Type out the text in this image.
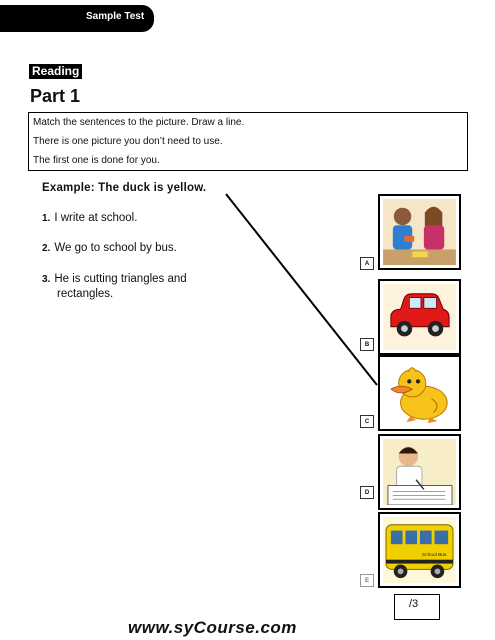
Sample Test
Reading
Part 1
Match the sentences to the picture. Draw a line.
There is one picture you don’t need to use.
The first one is done for you.
Example: The duck is yellow.
1. I write at school.
2. We go to school by bus.
3. He is cutting triangles and
rectangles.
A
B
C
D
School Bus
E
/3
www.syCourse.com
